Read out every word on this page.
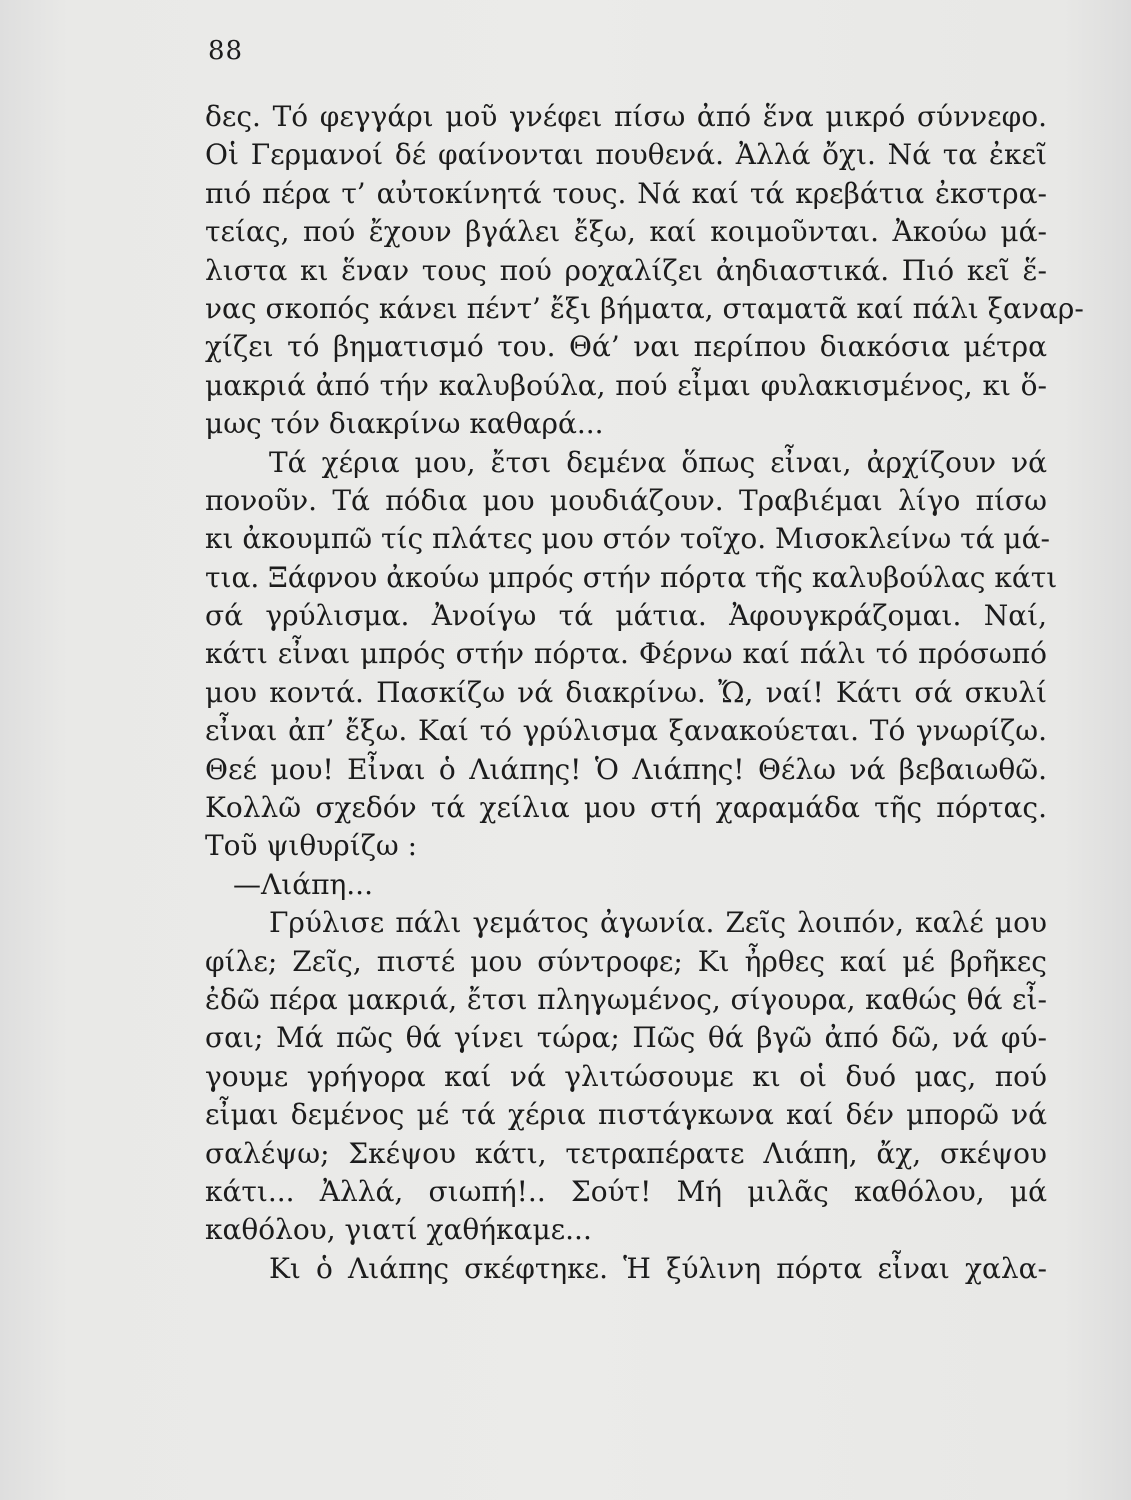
88
δες. Τό φεγγάρι μοῦ γνέφει πίσω ἀπό ἕνα μικρό σύννεφο.
Οἱ Γερμανοί δέ φαίνονται πουθενά. Ἀλλά ὄχι. Νά τα ἐκεῖ
πιό πέρα τ’ αὐτοκίνητά τους. Νά καί τά κρεβάτια ἐκστρα-
τείας, πού ἔχουν βγάλει ἔξω, καί κοιμοῦνται. Ἀκούω μά-
λιστα κι ἕναν τους πού ροχαλίζει ἀηδιαστικά. Πιό κεῖ ἕ-
νας σκοπός κάνει πέντ’ ἔξι βήματα, σταματᾶ καί πάλι ξαναρ-
χίζει τό βηματισμό του. Θά’ ναι περίπου διακόσια μέτρα
μακριά ἀπό τήν καλυβούλα, πού εἶμαι φυλακισμένος, κι ὅ-
μως τόν διακρίνω καθαρά...
Τά χέρια μου, ἔτσι δεμένα ὅπως εἶναι, ἀρχίζουν νά
πονοῦν. Τά πόδια μου μουδιάζουν. Τραβιέμαι λίγο πίσω
κι ἀκουμπῶ τίς πλάτες μου στόν τοῖχο. Μισοκλείνω τά μά-
τια. Ξάφνου ἀκούω μπρός στήν πόρτα τῆς καλυβούλας κάτι
σά γρύλισμα. Ἀνοίγω τά μάτια. Ἀφουγκράζομαι. Ναί,
κάτι εἶναι μπρός στήν πόρτα. Φέρνω καί πάλι τό πρόσωπό
μου κοντά. Πασκίζω νά διακρίνω. Ὤ, ναί! Κάτι σά σκυλί
εἶναι ἀπ’ ἔξω. Καί τό γρύλισμα ξανακούεται. Τό γνωρίζω.
Θεέ μου! Εἶναι ὁ Λιάπης! Ὁ Λιάπης! Θέλω νά βεβαιωθῶ.
Κολλῶ σχεδόν τά χείλια μου στή χαραμάδα τῆς πόρτας.
Τοῦ ψιθυρίζω :
—Λιάπη...
Γρύλισε πάλι γεμάτος ἀγωνία. Ζεῖς λοιπόν, καλέ μου
φίλε; Ζεῖς, πιστέ μου σύντροφε; Κι ἦρθες καί μέ βρῆκες
ἐδῶ πέρα μακριά, ἔτσι πληγωμένος, σίγουρα, καθώς θά εἶ-
σαι; Μά πῶς θά γίνει τώρα; Πῶς θά βγῶ ἀπό δῶ, νά φύ-
γουμε γρήγορα καί νά γλιτώσουμε κι οἱ δυό μας, πού
εἶμαι δεμένος μέ τά χέρια πιστάγκωνα καί δέν μπορῶ νά
σαλέψω; Σκέψου κάτι, τετραπέρατε Λιάπη, ἄχ, σκέψου
κάτι... Ἀλλά, σιωπή!.. Σούτ! Μή μιλᾶς καθόλου, μά
καθόλου, γιατί χαθήκαμε...
Κι ὁ Λιάπης σκέφτηκε. Ἡ ξύλινη πόρτα εἶναι χαλα-
